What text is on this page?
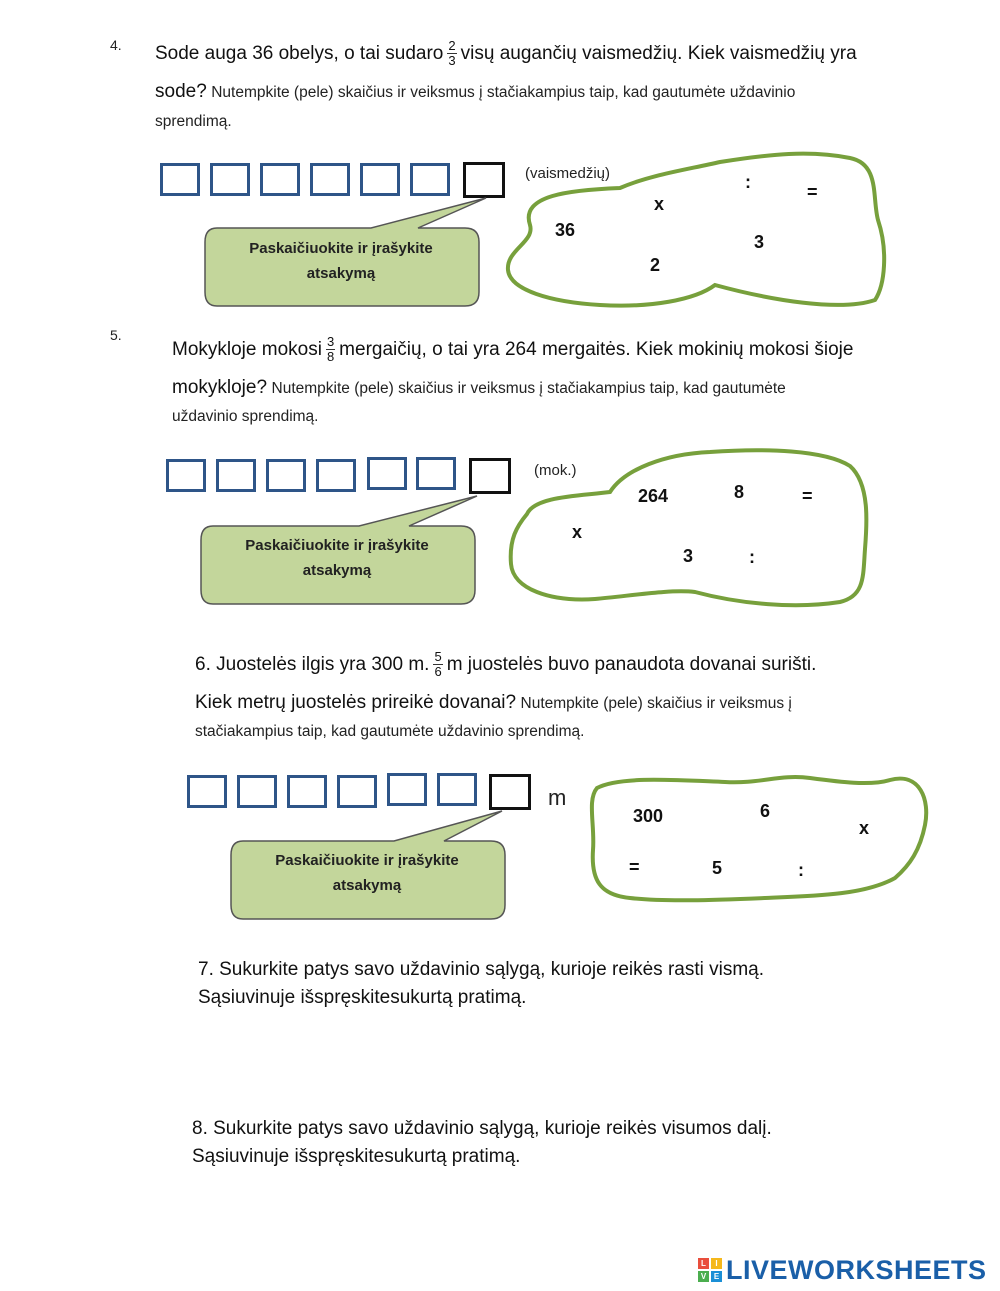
4. Sode auga 36 obelys, o tai sudaro $\frac{2}{3}$ visų augančių vaismedžių. Kiek vaismedžių yra
sode? Nutempkite (pele) skaičius ir veiksmus į stačiakampius taip, kad gautumėte uždavinio
sprendimą.
Paskaičiuokite ir įrašykite
atsakymą
(vaismedžių)	:	=
x
36
3
2
5.
Mokykloje mokosi $\frac{3}{8}$ mergaičių, o tai yra 264 mergaitės. Kiek mokinių mokosi šioje
mokykloje? Nutempkite (pele) skaičius ir veiksmus į stačiakampius taip, kad gautumėte
uždavinio sprendimą.
Paskaičiuokite ir įrašykite
atsakymą
(mok.)
264	8	=
x
3	:
6. Juostelės ilgis yra 300 m. $\frac{5}{6}$ m juostelės buvo panaudota dovanai surišti.
Kiek metrų juostelės prireikė dovanai? Nutempkite (pele) skaičius ir veiksmus į
stačiakampius taip, kad gautumėte uždavinio sprendimą.
Paskaičiuokite ir įrašykite
atsakymą
m
300	6
x
=	5	:
7. Sukurkite patys savo uždavinio sąlygą, kurioje reikės rasti vismą.
Sąsiuvinuje išspręskitesukurtą pratimą.
8. Sukurkite patys savo uždavinio sąlygą, kurioje reikės visumos dalį.
Sąsiuvinuje išspręskitesukurtą pratimą.
L	I
V E LIVEWORKSHEETS
